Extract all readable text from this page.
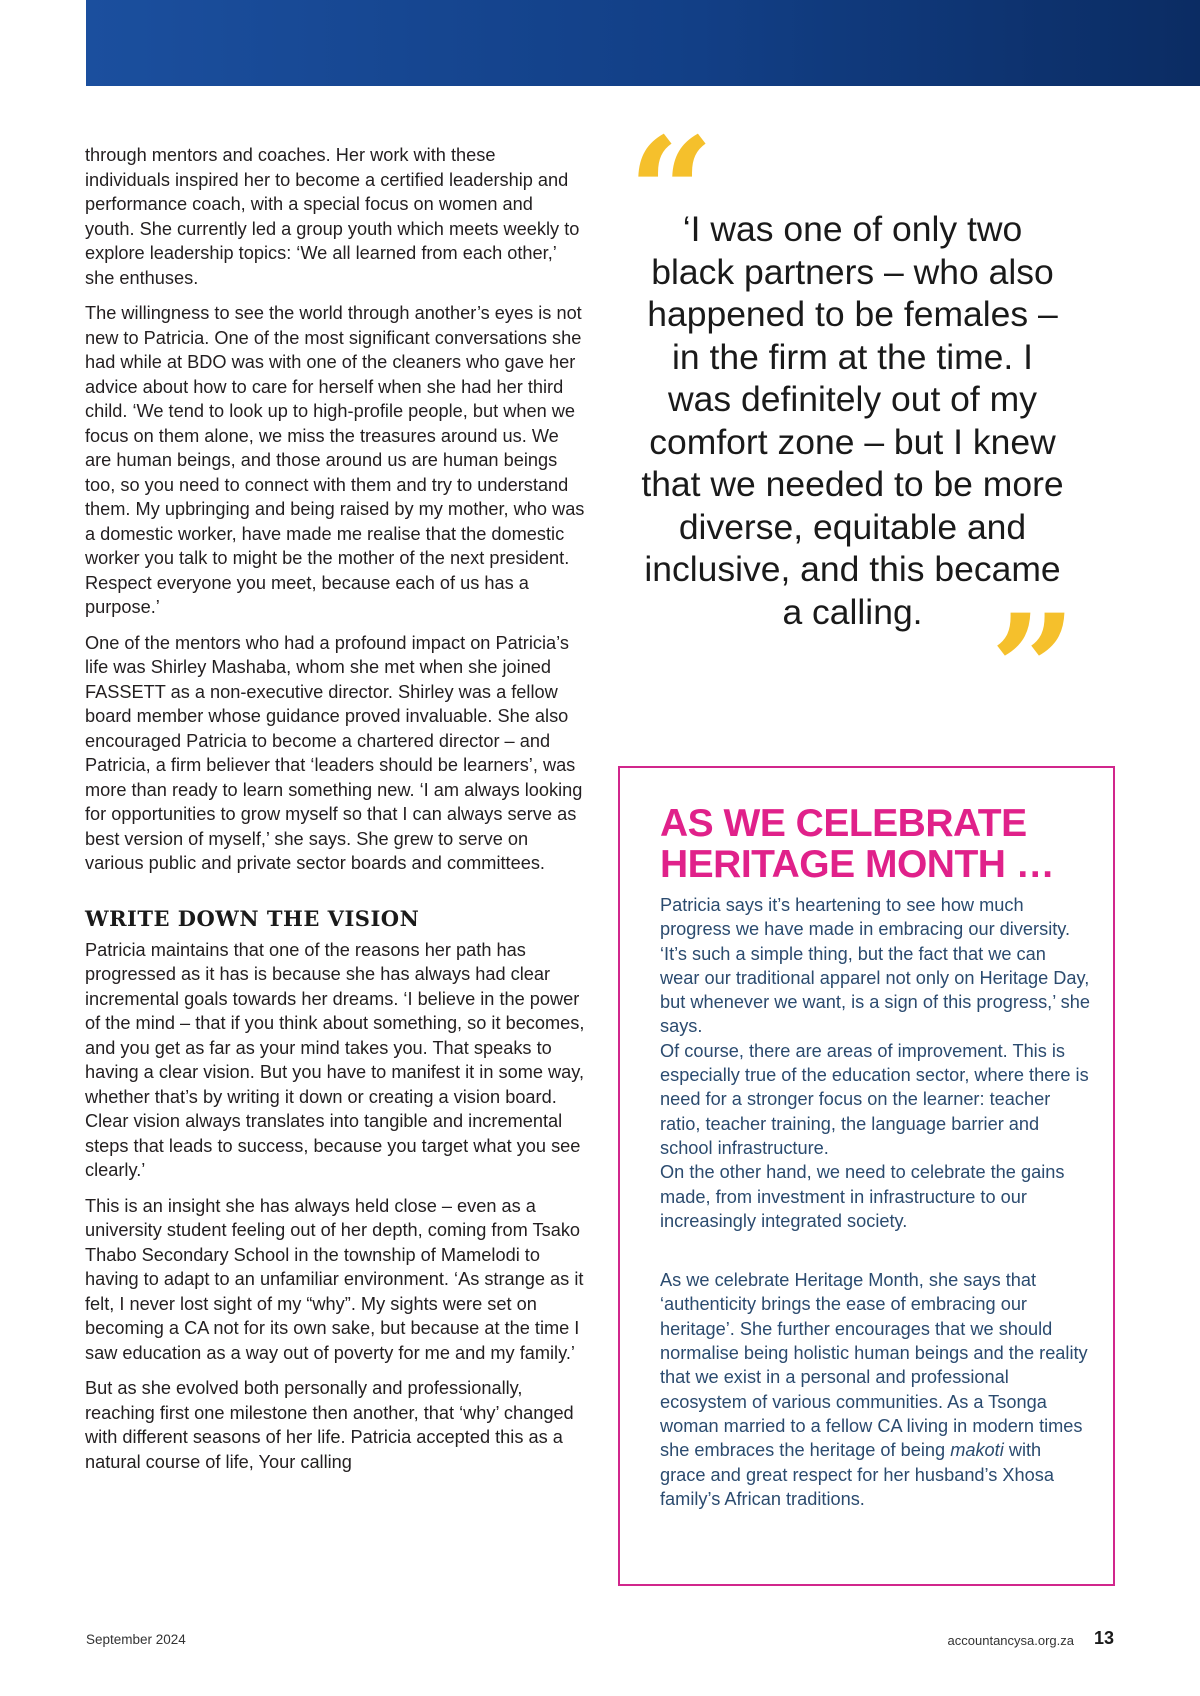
through mentors and coaches. Her work with these individuals inspired her to become a certified leadership and performance coach, with a special focus on women and youth. She currently led a group youth which meets weekly to explore leadership topics: ‘We all learned from each other,’ she enthuses.

The willingness to see the world through another’s eyes is not new to Patricia. One of the most significant conversations she had while at BDO was with one of the cleaners who gave her advice about how to care for herself when she had her third child. ‘We tend to look up to high-profile people, but when we focus on them alone, we miss the treasures around us. We are human beings, and those around us are human beings too, so you need to connect with them and try to understand them. My upbringing and being raised by my mother, who was a domestic worker, have made me realise that the domestic worker you talk to might be the mother of the next president. Respect everyone you meet, because each of us has a purpose.’

One of the mentors who had a profound impact on Patricia’s life was Shirley Mashaba, whom she met when she joined FASSETT as a non-executive director. Shirley was a fellow board member whose guidance proved invaluable. She also encouraged Patricia to become a chartered director – and Patricia, a firm believer that ‘leaders should be learners’, was more than ready to learn something new. ‘I am always looking for opportunities to grow myself so that I can always serve as best version of myself,’ she says. She grew to serve on various public and private sector boards and committees.

WRITE DOWN THE VISION

Patricia maintains that one of the reasons her path has progressed as it has is because she has always had clear incremental goals towards her dreams. ‘I believe in the power of the mind – that if you think about something, so it becomes, and you get as far as your mind takes you. That speaks to having a clear vision. But you have to manifest it in some way, whether that’s by writing it down or creating a vision board. Clear vision always translates into tangible and incremental steps that leads to success, because you target what you see clearly.’

This is an insight she has always held close – even as a university student feeling out of her depth, coming from Tsako Thabo Secondary School in the township of Mamelodi to having to adapt to an unfamiliar environment. ‘As strange as it felt, I never lost sight of my “why”. My sights were set on becoming a CA not for its own sake, but because at the time I saw education as a way out of poverty for me and my family.’

But as she evolved both personally and professionally, reaching first one milestone then another, that ‘why’ changed with different seasons of her life. Patricia accepted this as a natural course of life, Your calling

“

‘I was one of only two black partners – who also happened to be females – in the firm at the time. I was definitely out of my comfort zone – but I knew that we needed to be more diverse, equitable and inclusive, and this became a calling. ”
AS WE CELEBRATE HERITAGE MONTH …

Patricia says it’s heartening to see how much progress we have made in embracing our diversity. ‘It’s such a simple thing, but the fact that we can wear our traditional apparel not only on Heritage Day, but whenever we want, is a sign of this progress,’ she says.

Of course, there are areas of improvement. This is especially true of the education sector, where there is need for a stronger focus on the learner: teacher ratio, teacher training, the language barrier and school infrastructure.

On the other hand, we need to celebrate the gains made, from investment in infrastructure to our increasingly integrated society.

As we celebrate Heritage Month, she says that ‘authenticity brings the ease of embracing our heritage’. She further encourages that we should normalise being holistic human beings and the reality that we exist in a personal and professional ecosystem of various communities. As a Tsonga woman married to a fellow CA living in modern times she embraces the heritage of being makoti with grace and great respect for her husband’s Xhosa family’s African traditions.

September 2024	accountancysa.org.za 13
